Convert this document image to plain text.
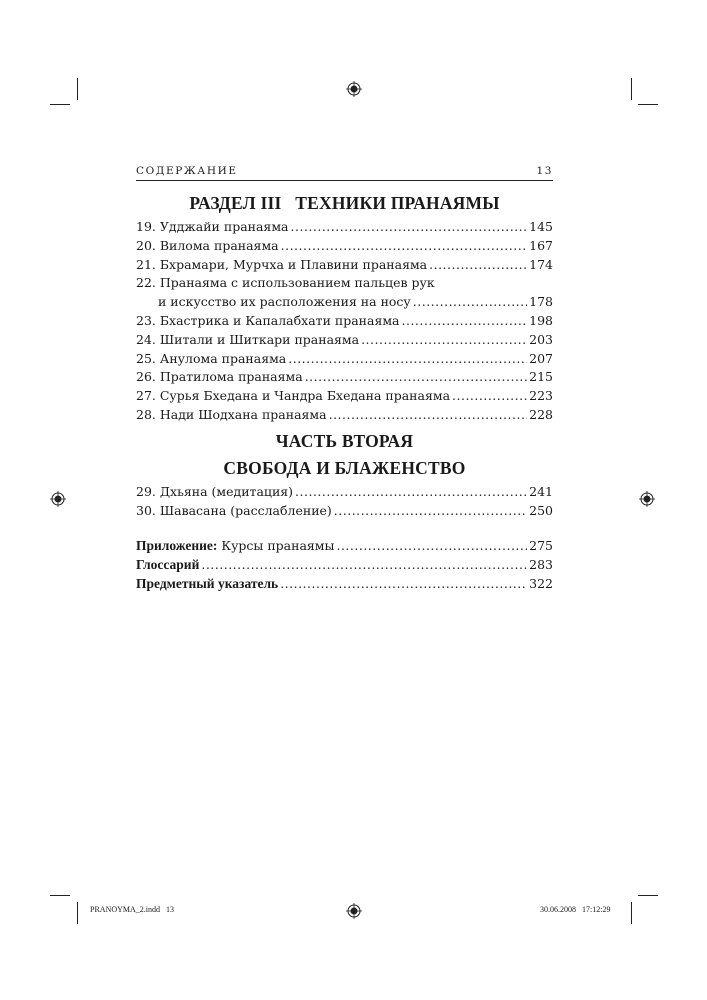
СОДЕРЖАНИЕ	13
РАЗДЕЛ III   ТЕХНИКИ ПРАНАЯМЫ
19. Удджайи пранаяма .....	145
20. Вилома пранаяма .....	167
21. Бхрамари, Мурчха и Плавини пранаяма .....	174
22. Пранаяма с использованием пальцев рук
и искусство их расположения на носу .....	178
23. Бхастрика и Капалабхати пранаяма .....	198
24. Шитали и Шиткари пранаяма .....	203
25. Анулома пранаяма .....	207
26. Пратилома пранаяма .....	215
27. Сурья Бхедана и Чандра Бхедана пранаяма .....	223
28. Нади Шодхана пранаяма .....	228
ЧАСТЬ ВТОРАЯ
СВОБОДА И БЛАЖЕНСТВО
29. Дхьяна (медитация) .....	241
30. Шавасана (расслабление) .....	250
Приложение: Курсы пранаямы .....	275
Глоссарий .....	283
Предметный указатель .....	322
PRANOYMA_2.indd   13	30.06.2008   17:12:29
